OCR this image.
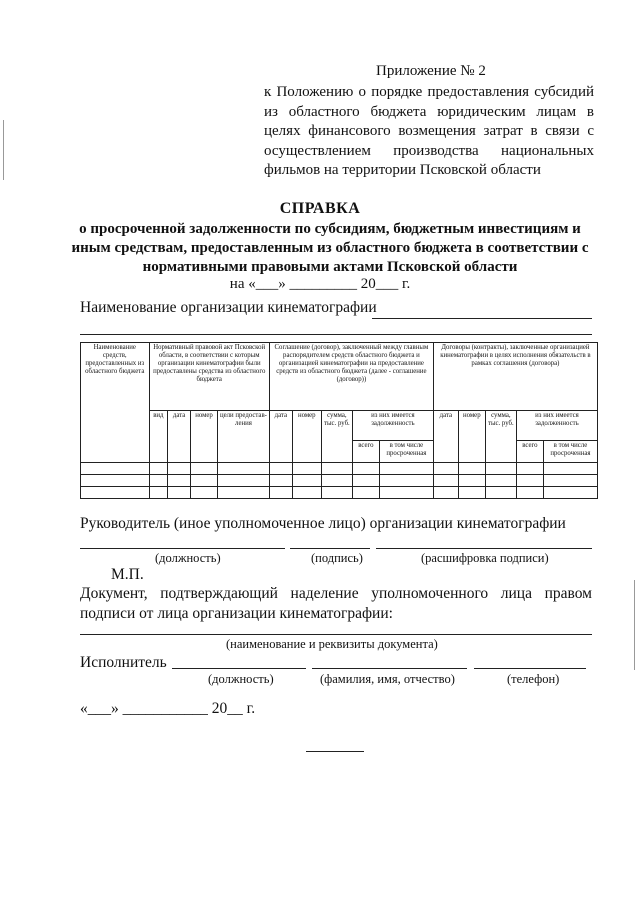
Приложение № 2
к Положению о порядке предоставления субсидий из областного бюджета юридическим лицам в целях финансового возмещения затрат в связи с осуществлением производства национальных фильмов на территории Псковской области
СПРАВКА
о просроченной задолженности по субсидиям, бюджетным инвестициям и иным средствам, предоставленным из областного бюджета в соответствии с нормативными правовыми актами Псковской области
на «___» _________ 20___ г.
Наименование организации кинематографии
Наименование средств, предоставленных из областного бюджета	Нормативный правовой акт Псковской области, в соответствии с которым организации кинематографии были предоставлены средства из областного бюджета				Соглашение (договор), заключенный между главным распорядителем средств областного бюджета и организацией кинематографии на предоставление средств из областного бюджета (далее - соглашение (договор))					Договоры (контракты), заключенные организацией кинематографии в целях исполнения обязательств в рамках соглашения (договора)				
	вид	дата	номер	цели предостав-ления	дата	номер	сумма, тыс. руб.	из них имеется задолженность		дата	номер	сумма, тыс. руб.	из них имеется задолженность	
								всего	в том числе просроченная				всего	в том числе просроченная

Руководитель (иное уполномоченное лицо) организации кинематографии
(должность)	(подпись)	(расшифровка подписи)
М.П.
Документ, подтверждающий наделение уполномоченного лица правом подписи от лица организации кинематографии:
(наименование и реквизиты документа)
Исполнитель
(должность)	(фамилия, имя, отчество)	(телефон)
«___» ___________ 20__ г.
